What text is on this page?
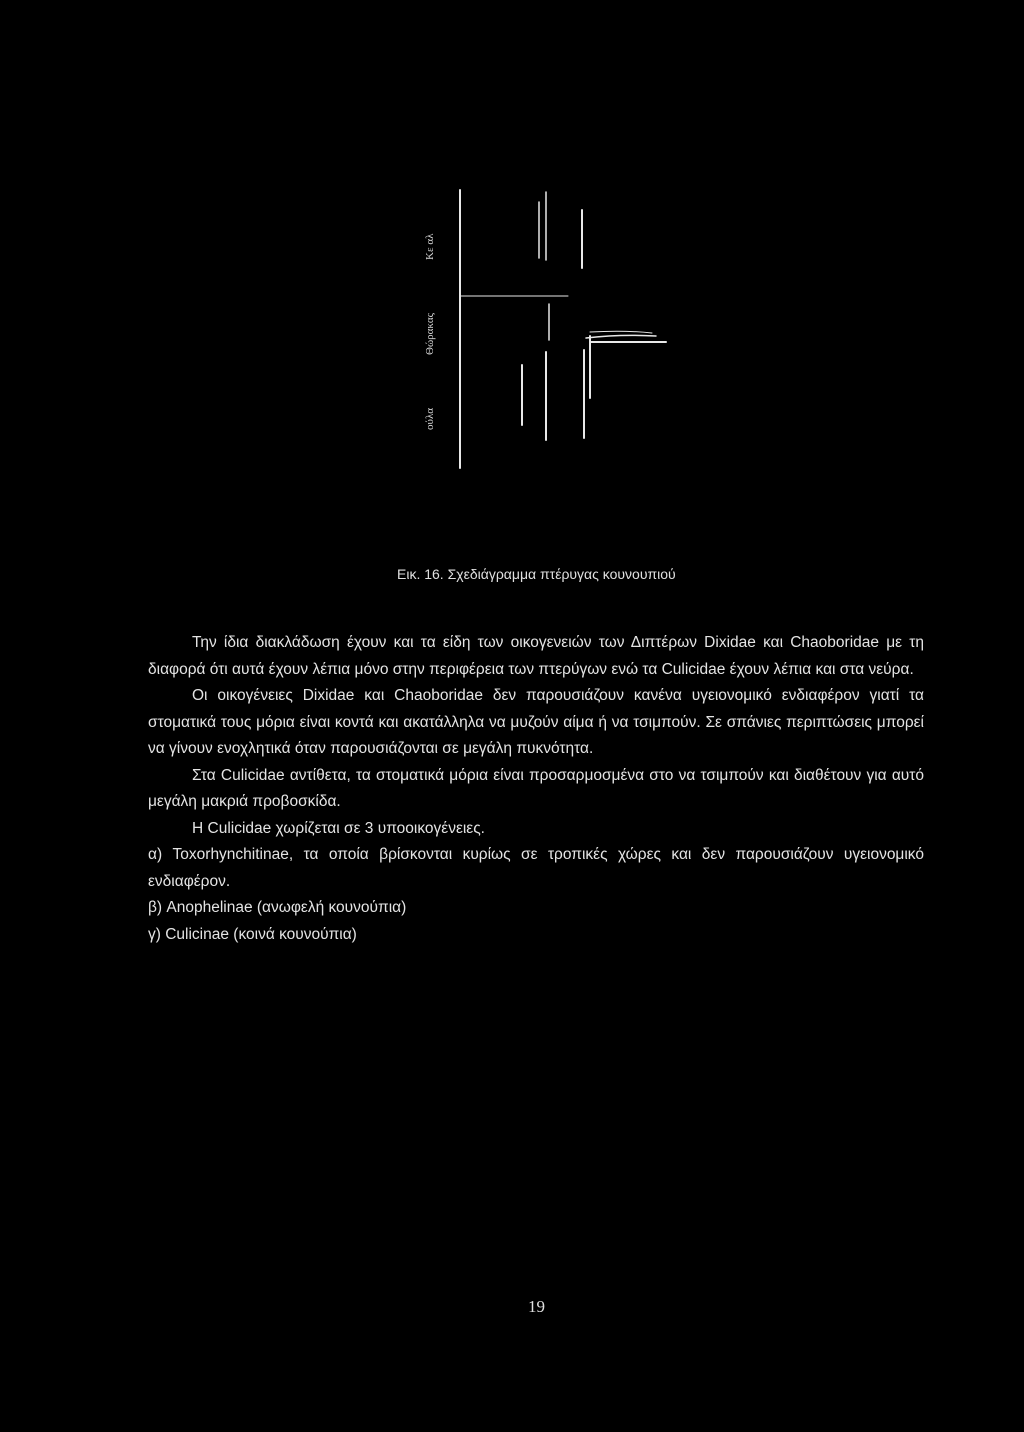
ούλα
Θώρακας
Κε αλ
Εικ. 16. Σχεδιάγραμμα πτέρυγας κουνουπιού

Την ίδια διακλάδωση έχουν και τα είδη των οικογενειών των Διπτέρων Dixidae και Chaoboridae με τη διαφορά ότι αυτά έχουν λέπια μόνο στην περιφέρεια των πτερύγων ενώ τα Culicidae έχουν λέπια και στα νεύρα.

Οι οικογένειες Dixidae και Chaoboridae δεν παρουσιάζουν κανένα υγειονομικό ενδιαφέρον γιατί τα στοματικά τους μόρια είναι κοντά και ακατάλληλα να μυζούν αίμα ή να τσιμπούν. Σε σπάνιες περιπτώσεις μπορεί να γίνουν ενοχλητικά όταν παρουσιάζονται σε μεγάλη πυκνότητα.

Στα Culicidae αντίθετα, τα στοματικά μόρια είναι προσαρμοσμένα στο να τσιμπούν και διαθέτουν για αυτό μεγάλη μακριά προβοσκίδα.

Η Culicidae χωρίζεται σε 3 υποοικογένειες.

α) Toxorhynchitinae, τα οποία βρίσκονται κυρίως σε τροπικές χώρες και δεν παρουσιάζουν υγειονομικό ενδιαφέρον.

β) Anophelinae (ανωφελή κουνούπια)

γ) Culicinae (κοινά κουνούπια)

19
